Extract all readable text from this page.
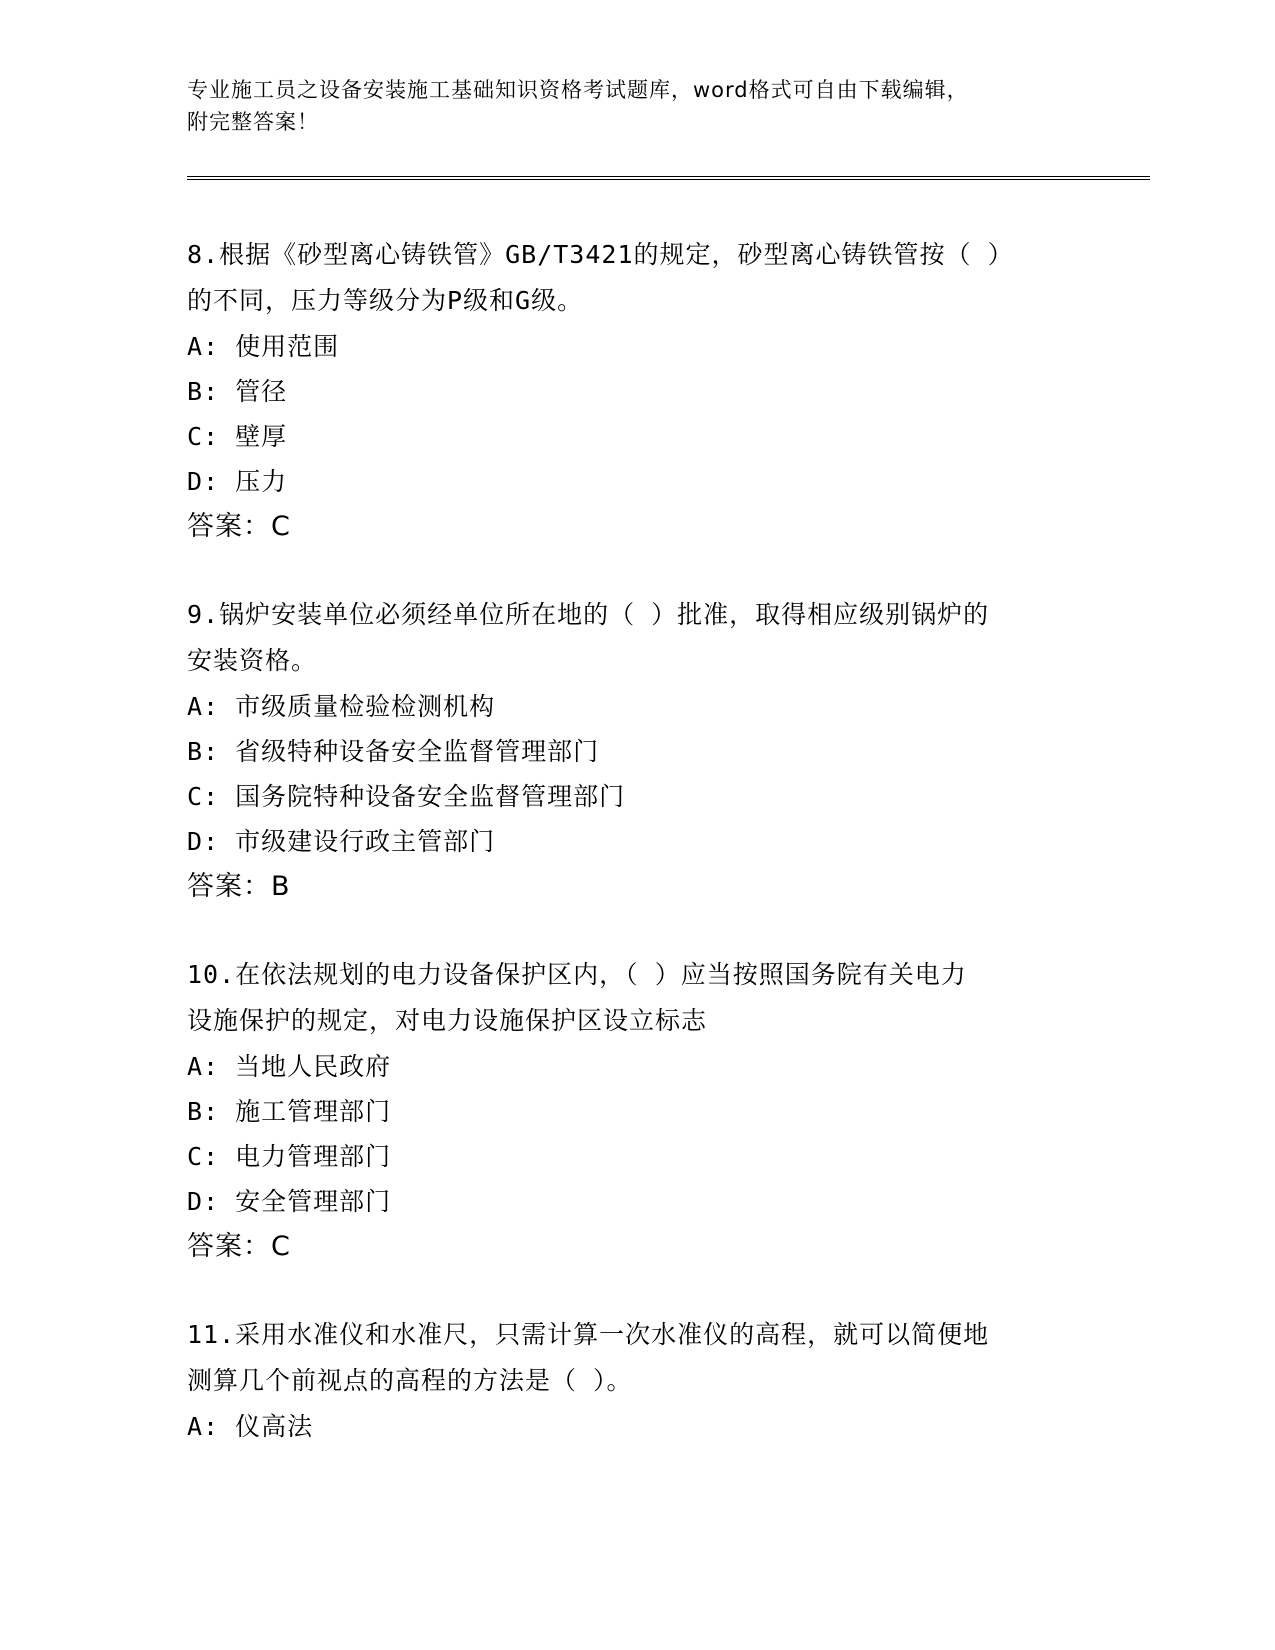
专业施工员之设备安装施工基础知识资格考试题库，word格式可自由下载编辑，
附完整答案！
8.根据《砂型离心铸铁管》GB/T3421的规定，砂型离心铸铁管按（ ）
的不同，压力等级分为P级和G级。
A: 使用范围
B: 管径
C: 壁厚
D: 压力
答案：C
9.锅炉安装单位必须经单位所在地的（ ）批准，取得相应级别锅炉的
安装资格。
A: 市级质量检验检测机构
B: 省级特种设备安全监督管理部门
C: 国务院特种设备安全监督管理部门
D: 市级建设行政主管部门
答案：B
10.在依法规划的电力设备保护区内，（ ）应当按照国务院有关电力
设施保护的规定，对电力设施保护区设立标志
A: 当地人民政府
B: 施工管理部门
C: 电力管理部门
D: 安全管理部门
答案：C
11.采用水准仪和水准尺，只需计算一次水准仪的高程，就可以简便地
测算几个前视点的高程的方法是（ ）。
A: 仪高法
